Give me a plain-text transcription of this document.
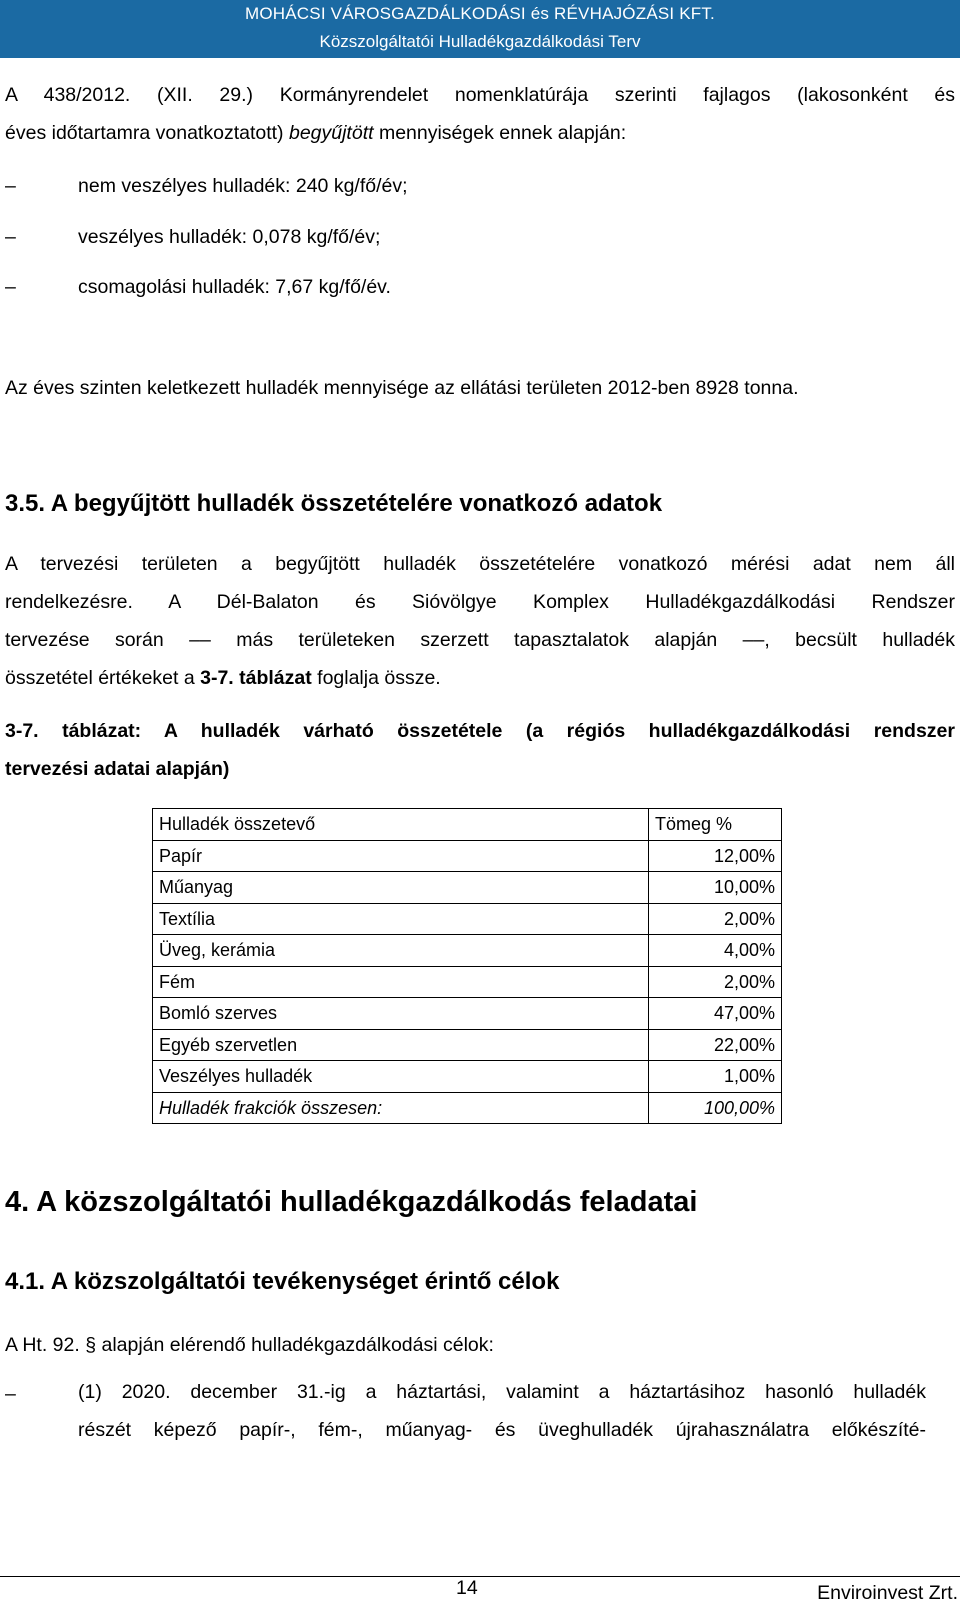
MOHÁCSI VÁROSGAZDÁLKODÁSI és RÉVHAJÓZÁSI KFT.
Közszolgáltatói Hulladékgazdálkodási Terv
A 438/2012. (XII. 29.) Kormányrendelet nomenklatúrája szerinti fajlagos (lakosonként és
éves időtartamra vonatkoztatott) begyűjtött mennyiségek ennek alapján:
–	nem veszélyes hulladék: 240 kg/fő/év;
–	veszélyes hulladék: 0,078 kg/fő/év;
–	csomagolási hulladék: 7,67 kg/fő/év.
Az éves szinten keletkezett hulladék mennyisége az ellátási területen 2012-ben 8928 tonna.
3.5. A begyűjtött hulladék összetételére vonatkozó adatok
A tervezési területen a begyűjtött hulladék összetételére vonatkozó mérési adat nem áll
rendelkezésre. A Dél-Balaton és Sióvölgye Komplex Hulladékgazdálkodási Rendszer
tervezése során –– más területeken szerzett tapasztalatok alapján ––, becsült hulladék
összetétel értékeket a 3-7. táblázat foglalja össze.
3-7. táblázat: A hulladék várható összetétele (a régiós hulladékgazdálkodási rendszer
tervezési adatai alapján)
Hulladék összetevő	Tömeg %
Papír	12,00%
Műanyag	10,00%
Textília	2,00%
Üveg, kerámia	4,00%
Fém	2,00%
Bomló szerves	47,00%
Egyéb szervetlen	22,00%
Veszélyes hulladék	1,00%
Hulladék frakciók összesen:	100,00%
4. A közszolgáltatói hulladékgazdálkodás feladatai
4.1. A közszolgáltatói tevékenységet érintő célok
A Ht. 92. § alapján elérendő hulladékgazdálkodási célok:
–	(1) 2020. december 31.-ig a háztartási, valamint a háztartásihoz hasonló hulladék
részét képező papír-, fém-, műanyag- és üveghulladék újrahasználatra előkészíté-
14	Enviroinvest Zrt.
